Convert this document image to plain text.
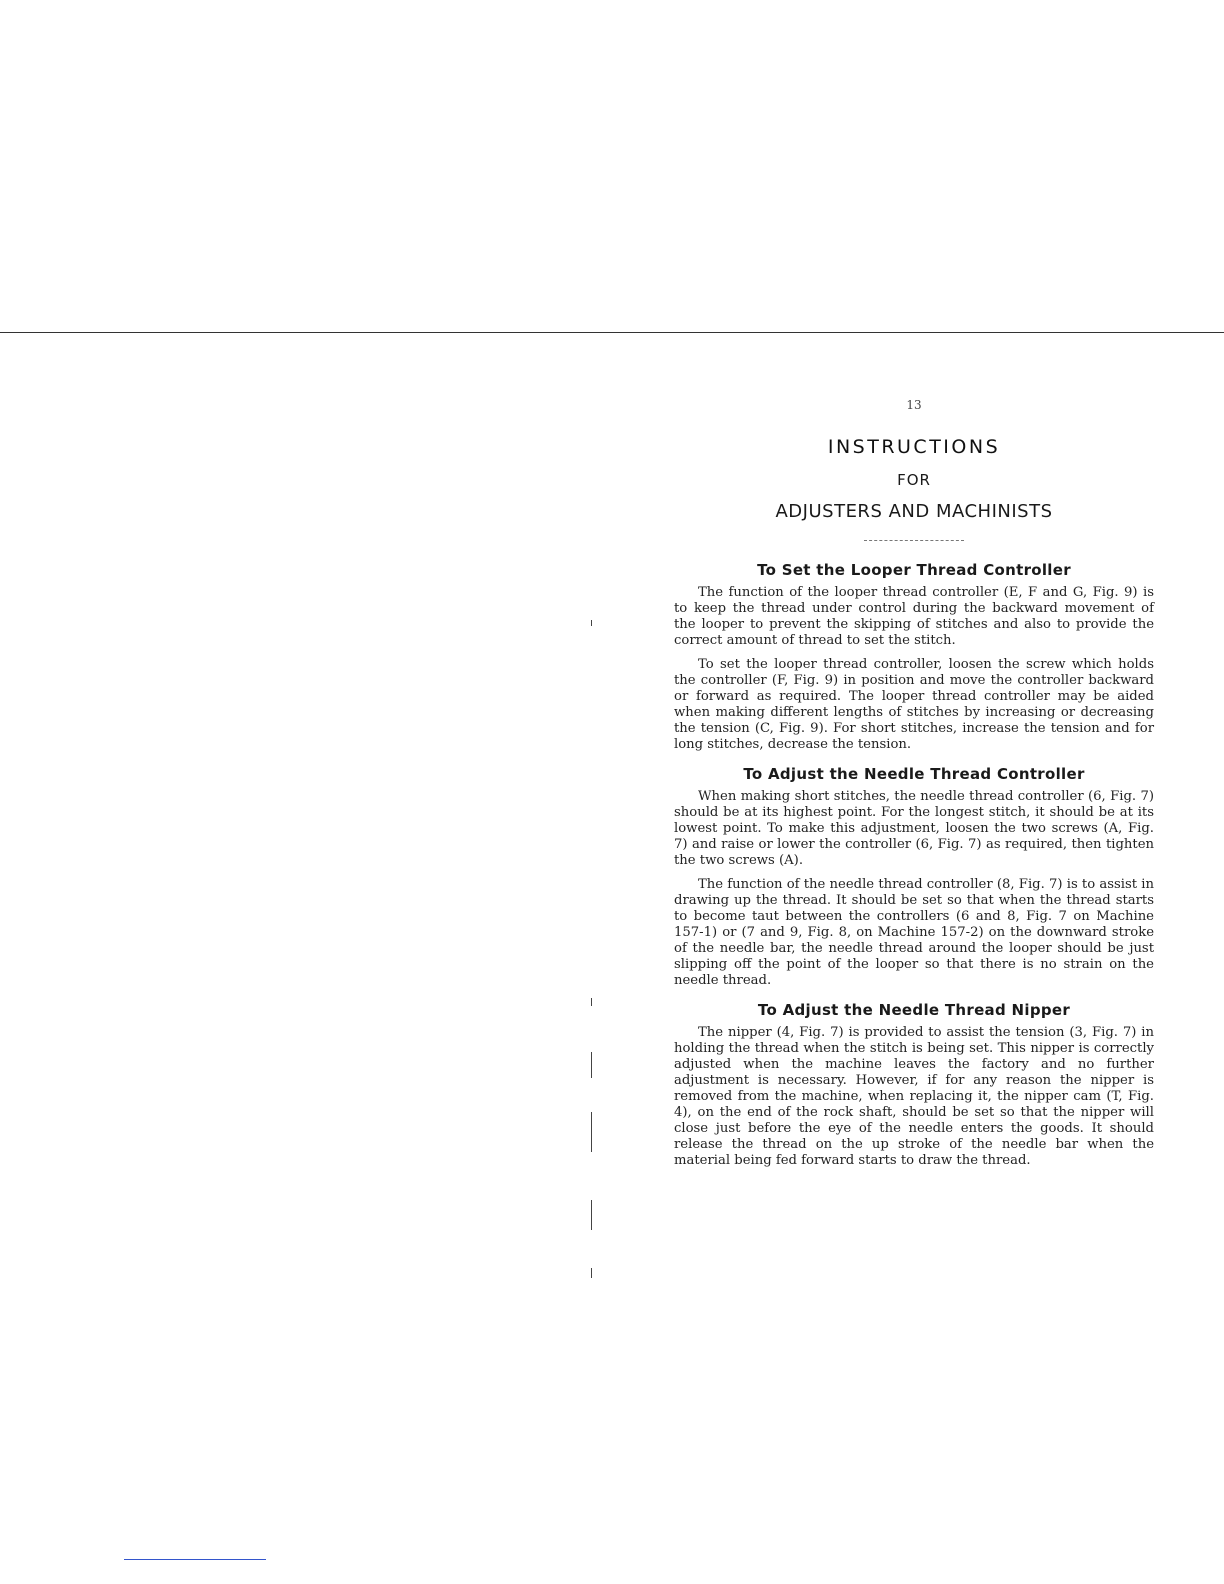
13
INSTRUCTIONS
FOR
ADJUSTERS AND MACHINISTS
To Set the Looper Thread Controller

The function of the looper thread controller (E, F and G, Fig. 9) is to keep the thread under control during the backward movement of the looper to prevent the skipping of stitches and also to provide the correct amount of thread to set the stitch.

To set the looper thread controller, loosen the screw which holds the controller (F, Fig. 9) in position and move the controller backward or forward as required. The looper thread controller may be aided when making different lengths of stitches by increasing or decreasing the tension (C, Fig. 9). For short stitches, increase the tension and for long stitches, decrease the tension.

To Adjust the Needle Thread Controller

When making short stitches, the needle thread controller (6, Fig. 7) should be at its highest point. For the longest stitch, it should be at its lowest point. To make this adjustment, loosen the two screws (A, Fig. 7) and raise or lower the controller (6, Fig. 7) as required, then tighten the two screws (A).

The function of the needle thread controller (8, Fig. 7) is to assist in drawing up the thread. It should be set so that when the thread starts to become taut between the controllers (6 and 8, Fig. 7 on Machine 157-1) or (7 and 9, Fig. 8, on Machine 157-2) on the downward stroke of the needle bar, the needle thread around the looper should be just slipping off the point of the looper so that there is no strain on the needle thread.

To Adjust the Needle Thread Nipper

The nipper (4, Fig. 7) is provided to assist the tension (3, Fig. 7) in holding the thread when the stitch is being set. This nipper is correctly adjusted when the machine leaves the factory and no further adjustment is necessary. However, if for any reason the nipper is removed from the machine, when replacing it, the nipper cam (T, Fig. 4), on the end of the rock shaft, should be set so that the nipper will close just before the eye of the needle enters the goods. It should release the thread on the up stroke of the needle bar when the material being fed forward starts to draw the thread.
